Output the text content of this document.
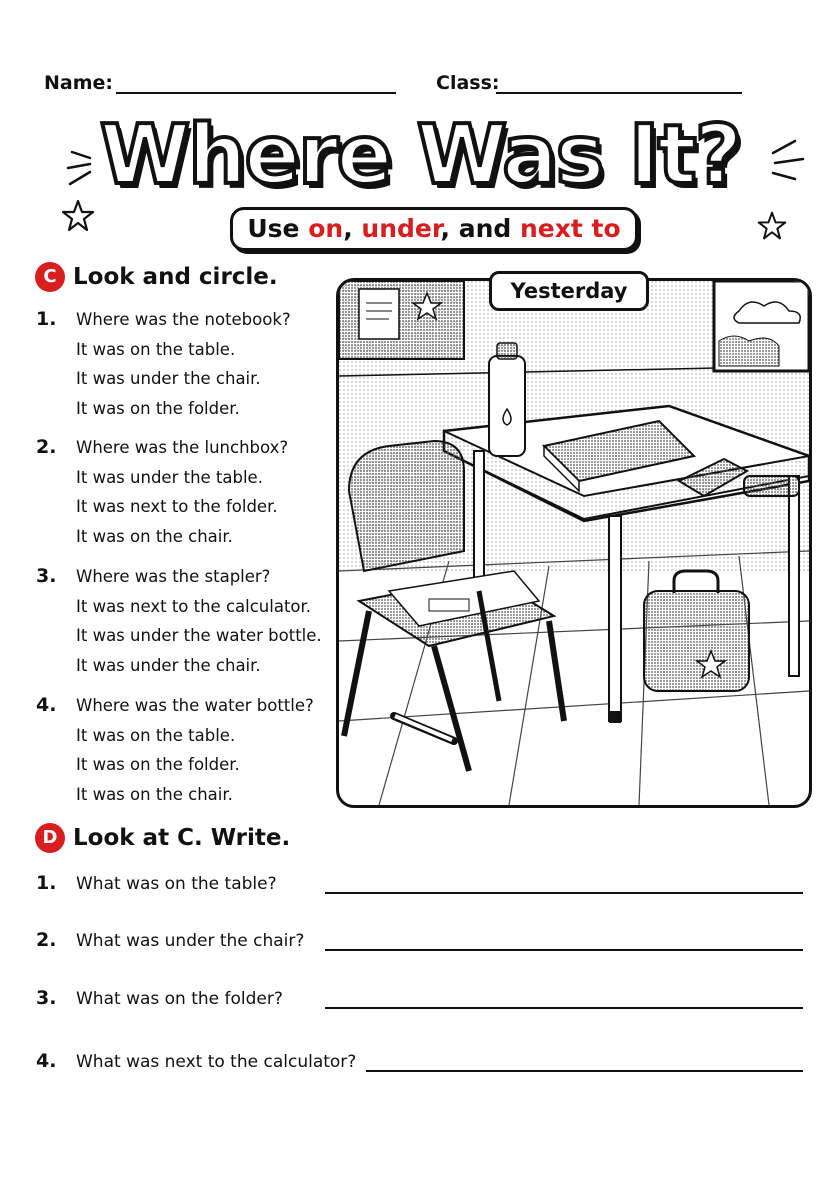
Name:	Class:
Where Was It?
Use on, under, and next to
C Look and circle.
1. Where was the notebook?
It was on the table.
It was under the chair.
It was on the folder.
2. Where was the lunchbox?
It was under the table.
It was next to the folder.
It was on the chair.
3. Where was the stapler?
It was next to the calculator.
It was under the water bottle.
It was under the chair.
4. Where was the water bottle?
It was on the table.
It was on the folder.
It was on the chair.
Yesterday
D Look at C. Write.
1. What was on the table?
2. What was under the chair?
3. What was on the folder?
4. What was next to the calculator?
